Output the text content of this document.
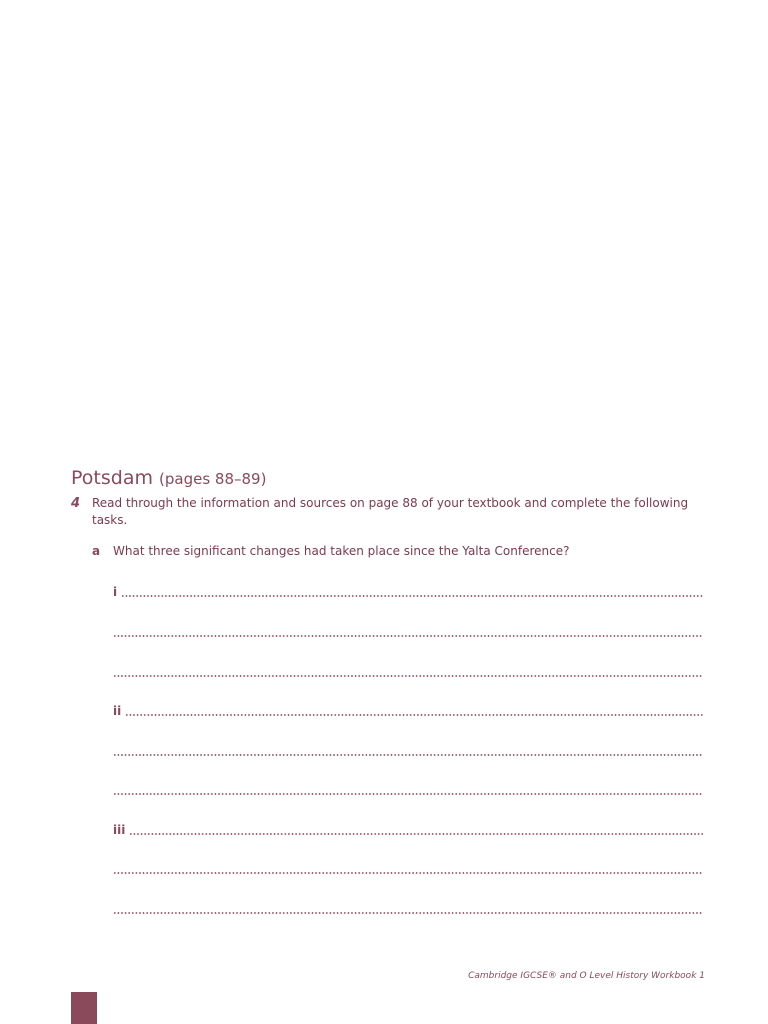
Potsdam (pages 88–89)
4 Read through the information and sources on page 88 of your textbook and complete the following tasks.
a What three significant changes had taken place since the Yalta Conference?
i
ii
iii
Cambridge IGCSE® and O Level History Workbook 1
